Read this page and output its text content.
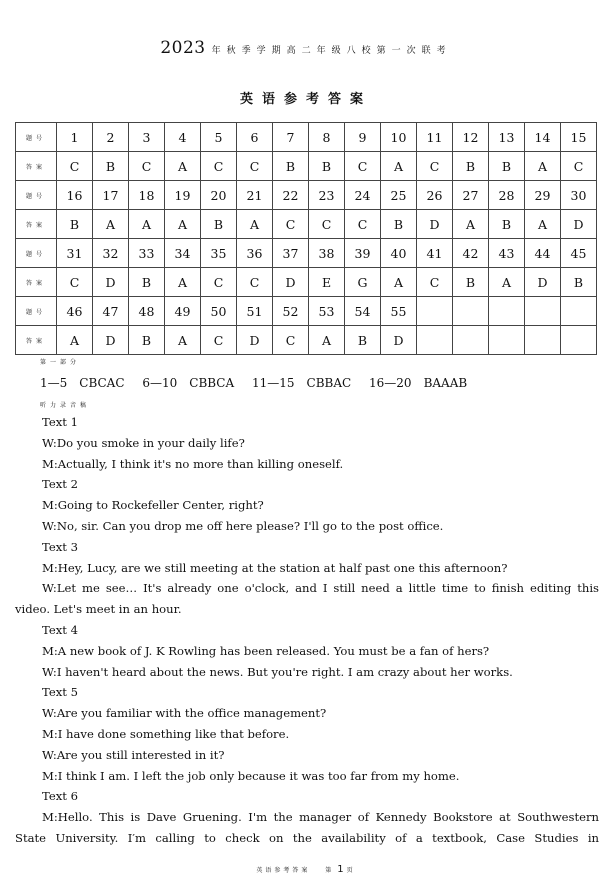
2023 年秋季学期高二年级八校第一次联考
英语参考答案
题号	1	2	3	4	5	6	7	8	9	10	11	12	13	14	15
答案	C	B	C	A	C	C	B	B	C	A	C	B	B	A	C
题号	16	17	18	19	20	21	22	23	24	25	26	27	28	29	30
答案	B	A	A	A	B	A	C	C	C	B	D	A	B	A	D
题号	31	32	33	34	35	36	37	38	39	40	41	42	43	44	45
答案	C	D	B	A	C	C	D	E	G	A	C	B	A	D	B
题号	46	47	48	49	50	51	52	53	54	55					
答案	A	D	B	A	C	D	C	A	B	D					
第一部分
1—5　CBCAC 6—10　CBBCA 11—15　CBBAC 16—20　BAAAB
听力录音稿
Text 1
W:Do you smoke in your daily life?
M:Actually, I think it's no more than killing oneself.
Text 2
M:Going to Rockefeller Center, right?
W:No, sir. Can you drop me off here please? I'll go to the post office.
Text 3
M:Hey, Lucy, are we still meeting at the station at half past one this afternoon?
W:Let me see… It's already one o'clock, and I still need a little time to finish editing this
video. Let's meet in an hour.
Text 4
M:A new book of J. K Rowling has been released. You must be a fan of hers?
W:I haven't heard about the news. But you're right. I am crazy about her works.
Text 5
W:Are you familiar with the office management?
M:I have done something like that before.
W:Are you still interested in it?
M:I think I am. I left the job only because it was too far from my home.
Text 6
M:Hello. This is Dave Gruening. I'm the manager of Kennedy Bookstore at Southwestern
State University. I′m calling to check on the availability of a textbook, Case Studies in
英语参考答案 第 1 页
